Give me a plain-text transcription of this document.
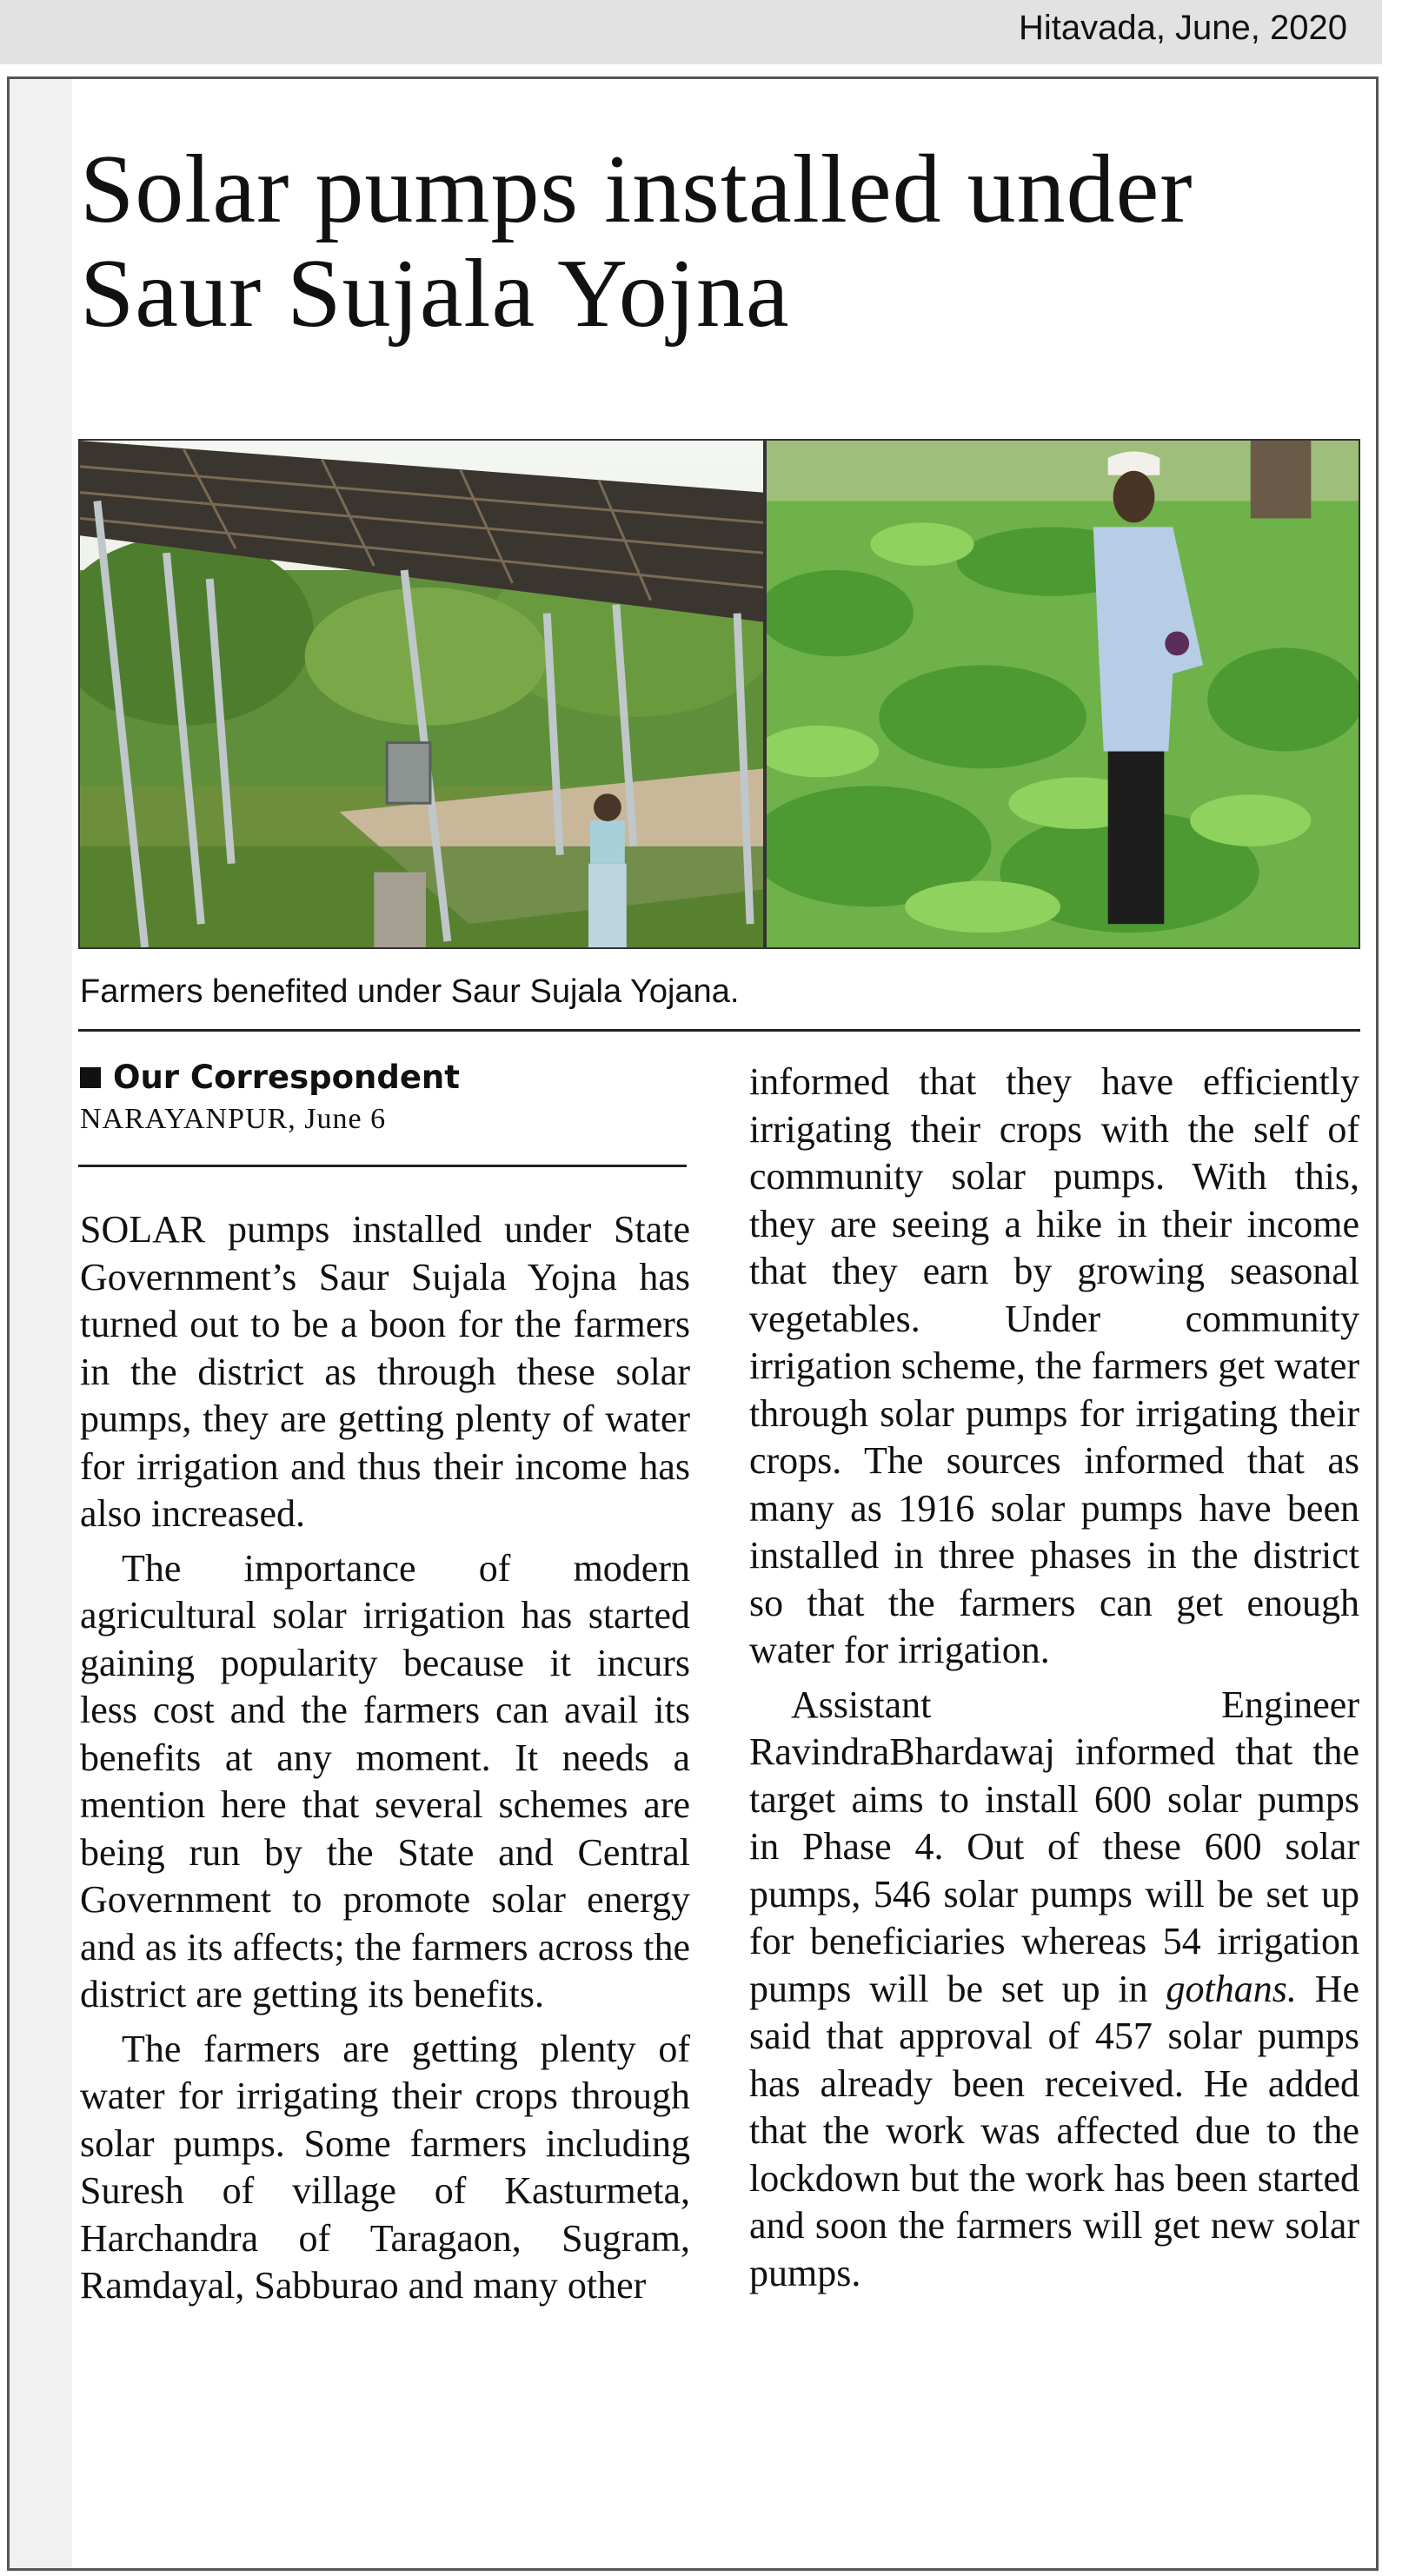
Hitavada, June, 2020
Solar pumps installed under Saur Sujala Yojna
Farmers benefited under Saur Sujala Yojana.
Our Correspondent
NARAYANPUR, June 6

SOLAR pumps installed under State Government’s Saur Sujala Yojna has turned out to be a boon for the farmers in the district as through these solar pumps, they are getting plenty of water for irrigation and thus their income has also increased.

The importance of modern agricultural solar irrigation has started gaining popularity because it incurs less cost and the farmers can avail its benefits at any moment. It needs a mention here that several schemes are being run by the State and Central Government to promote solar energy and as its affects; the farmers across the district are getting its benefits.

The farmers are getting plenty of water for irrigating their crops through solar pumps. Some farmers including Suresh of village of Kasturmeta, Harchandra of Taragaon, Sugram, Ramdayal, Sabburao and many other

informed that they have efficiently irrigating their crops with the self of community solar pumps. With this, they are seeing a hike in their income that they earn by growing seasonal vegetables. Under community irrigation scheme, the farmers get water through solar pumps for irrigating their crops. The sources informed that as many as 1916 solar pumps have been installed in three phases in the district so that the farmers can get enough water for irrigation.

Assistant Engineer RavindraBhardawaj informed that the target aims to install 600 solar pumps in Phase 4. Out of these 600 solar pumps, 546 solar pumps will be set up for beneficiaries whereas 54 irrigation pumps will be set up in gothans. He said that approval of 457 solar pumps has already been received. He added that the work was affected due to the lockdown but the work has been started and soon the farmers will get new solar pumps.
